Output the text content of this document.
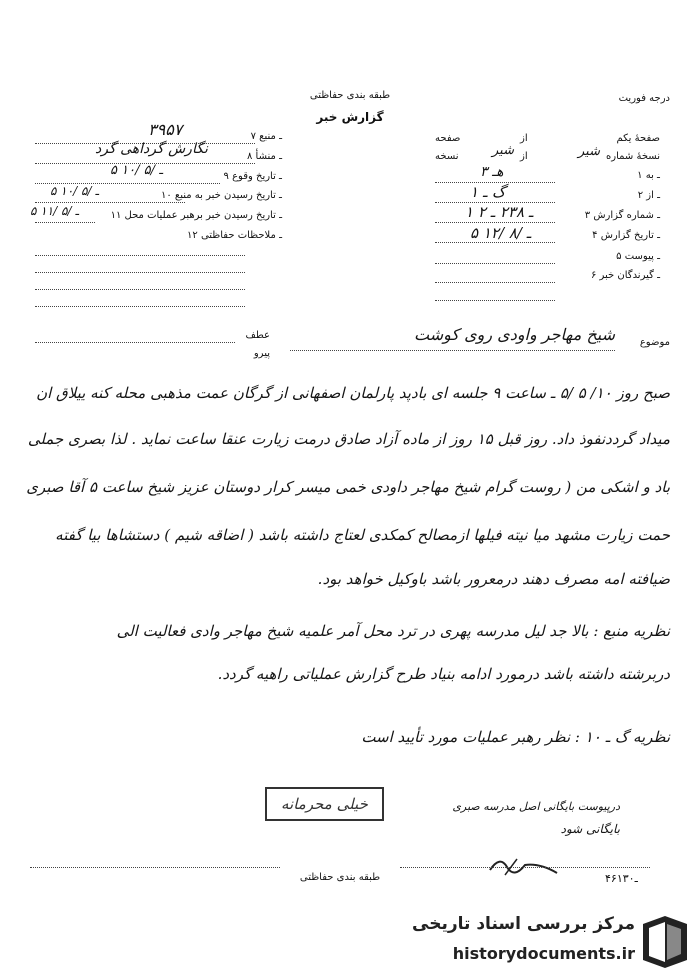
طبقه بندی حفاظتی
گزارش خبر
درجه فوریت
صفحهٔ یکم
از
صفحه
نسخهٔ شماره
شیر
از
شیر
نسخه
۱ ـ به
۳ هـ
۲ ـ از
گ ـ ۱
۳ ـ شماره گزارش
۱ ـ ۲۳۸ ـ ۲
۴ ـ تاریخ گزارش
۵ ـ /۸ /۱۲
۵ ـ پیوست
۶ ـ گیرندگان خبر
۷ ـ منبع
۳۹۵۷
۸ ـ منشأ
نگارش گرداهی گرد
۹ ـ تاریخ وقوع
۵ ـ /۵ /۱۰
۱۰ ـ تاریخ رسیدن خبر به منبع
۵ ـ /۵ /۱۰
۱۱ ـ تاریخ رسیدن خبر برهبر عملیات محل
۵ ـ /۵ /۱۱
۱۲ ـ ملاحظات حفاظتی
عطف
پیرو
موضوع
شیخ مهاجر واودی روی کوشت
صبح روز ۱۰/ ۵ /۵ ـ ساعت ۹ جلسه ای بادپد پارلمان اصفهانی از گرگان عمت مذهبی محله کنه ییلاق ان
میداد گرددنفوذ داد. روز قبل ۱۵ روز از ماده آزاد صادق درمت زیارت عنقا ساعت نماید . لذا بصری جملی
باد و اشکی من ( روست گرام شیخ مهاجر داودی خمی میسر کرار دوستان عزیز شیخ ساعت ۵ آقا صبری
حمت زیارت مشهد میا نیته فیلها ازمصالح کمکدی لعتاج داشته باشد ( اضاقه شیم ) دستشاها بیا گفته
ضیافته امه مصرف دهند درمعرور باشد باوکیل خواهد بود.
نظریه منبع : بالا جد لیل مدرسه پهری در ترد محل آمر علمیه شیخ مهاجر وادی فعالیت الی
دربرشته داشته باشد درمورد ادامه بنیاد طرح گزارش عملیاتی راهیه گردد.
نظریه گ ـ ۱۰ : نظر رهبر عملیات مورد تأیید است
خیلی محرمانه	درپیوست بایگانی اصل مدرسه صبری
بایگانی شود
طبقه بندی حفاظتی	۴۶ـ۱۳۰
مرکز بررسی اسناد تاریخی
historydocuments.ir
